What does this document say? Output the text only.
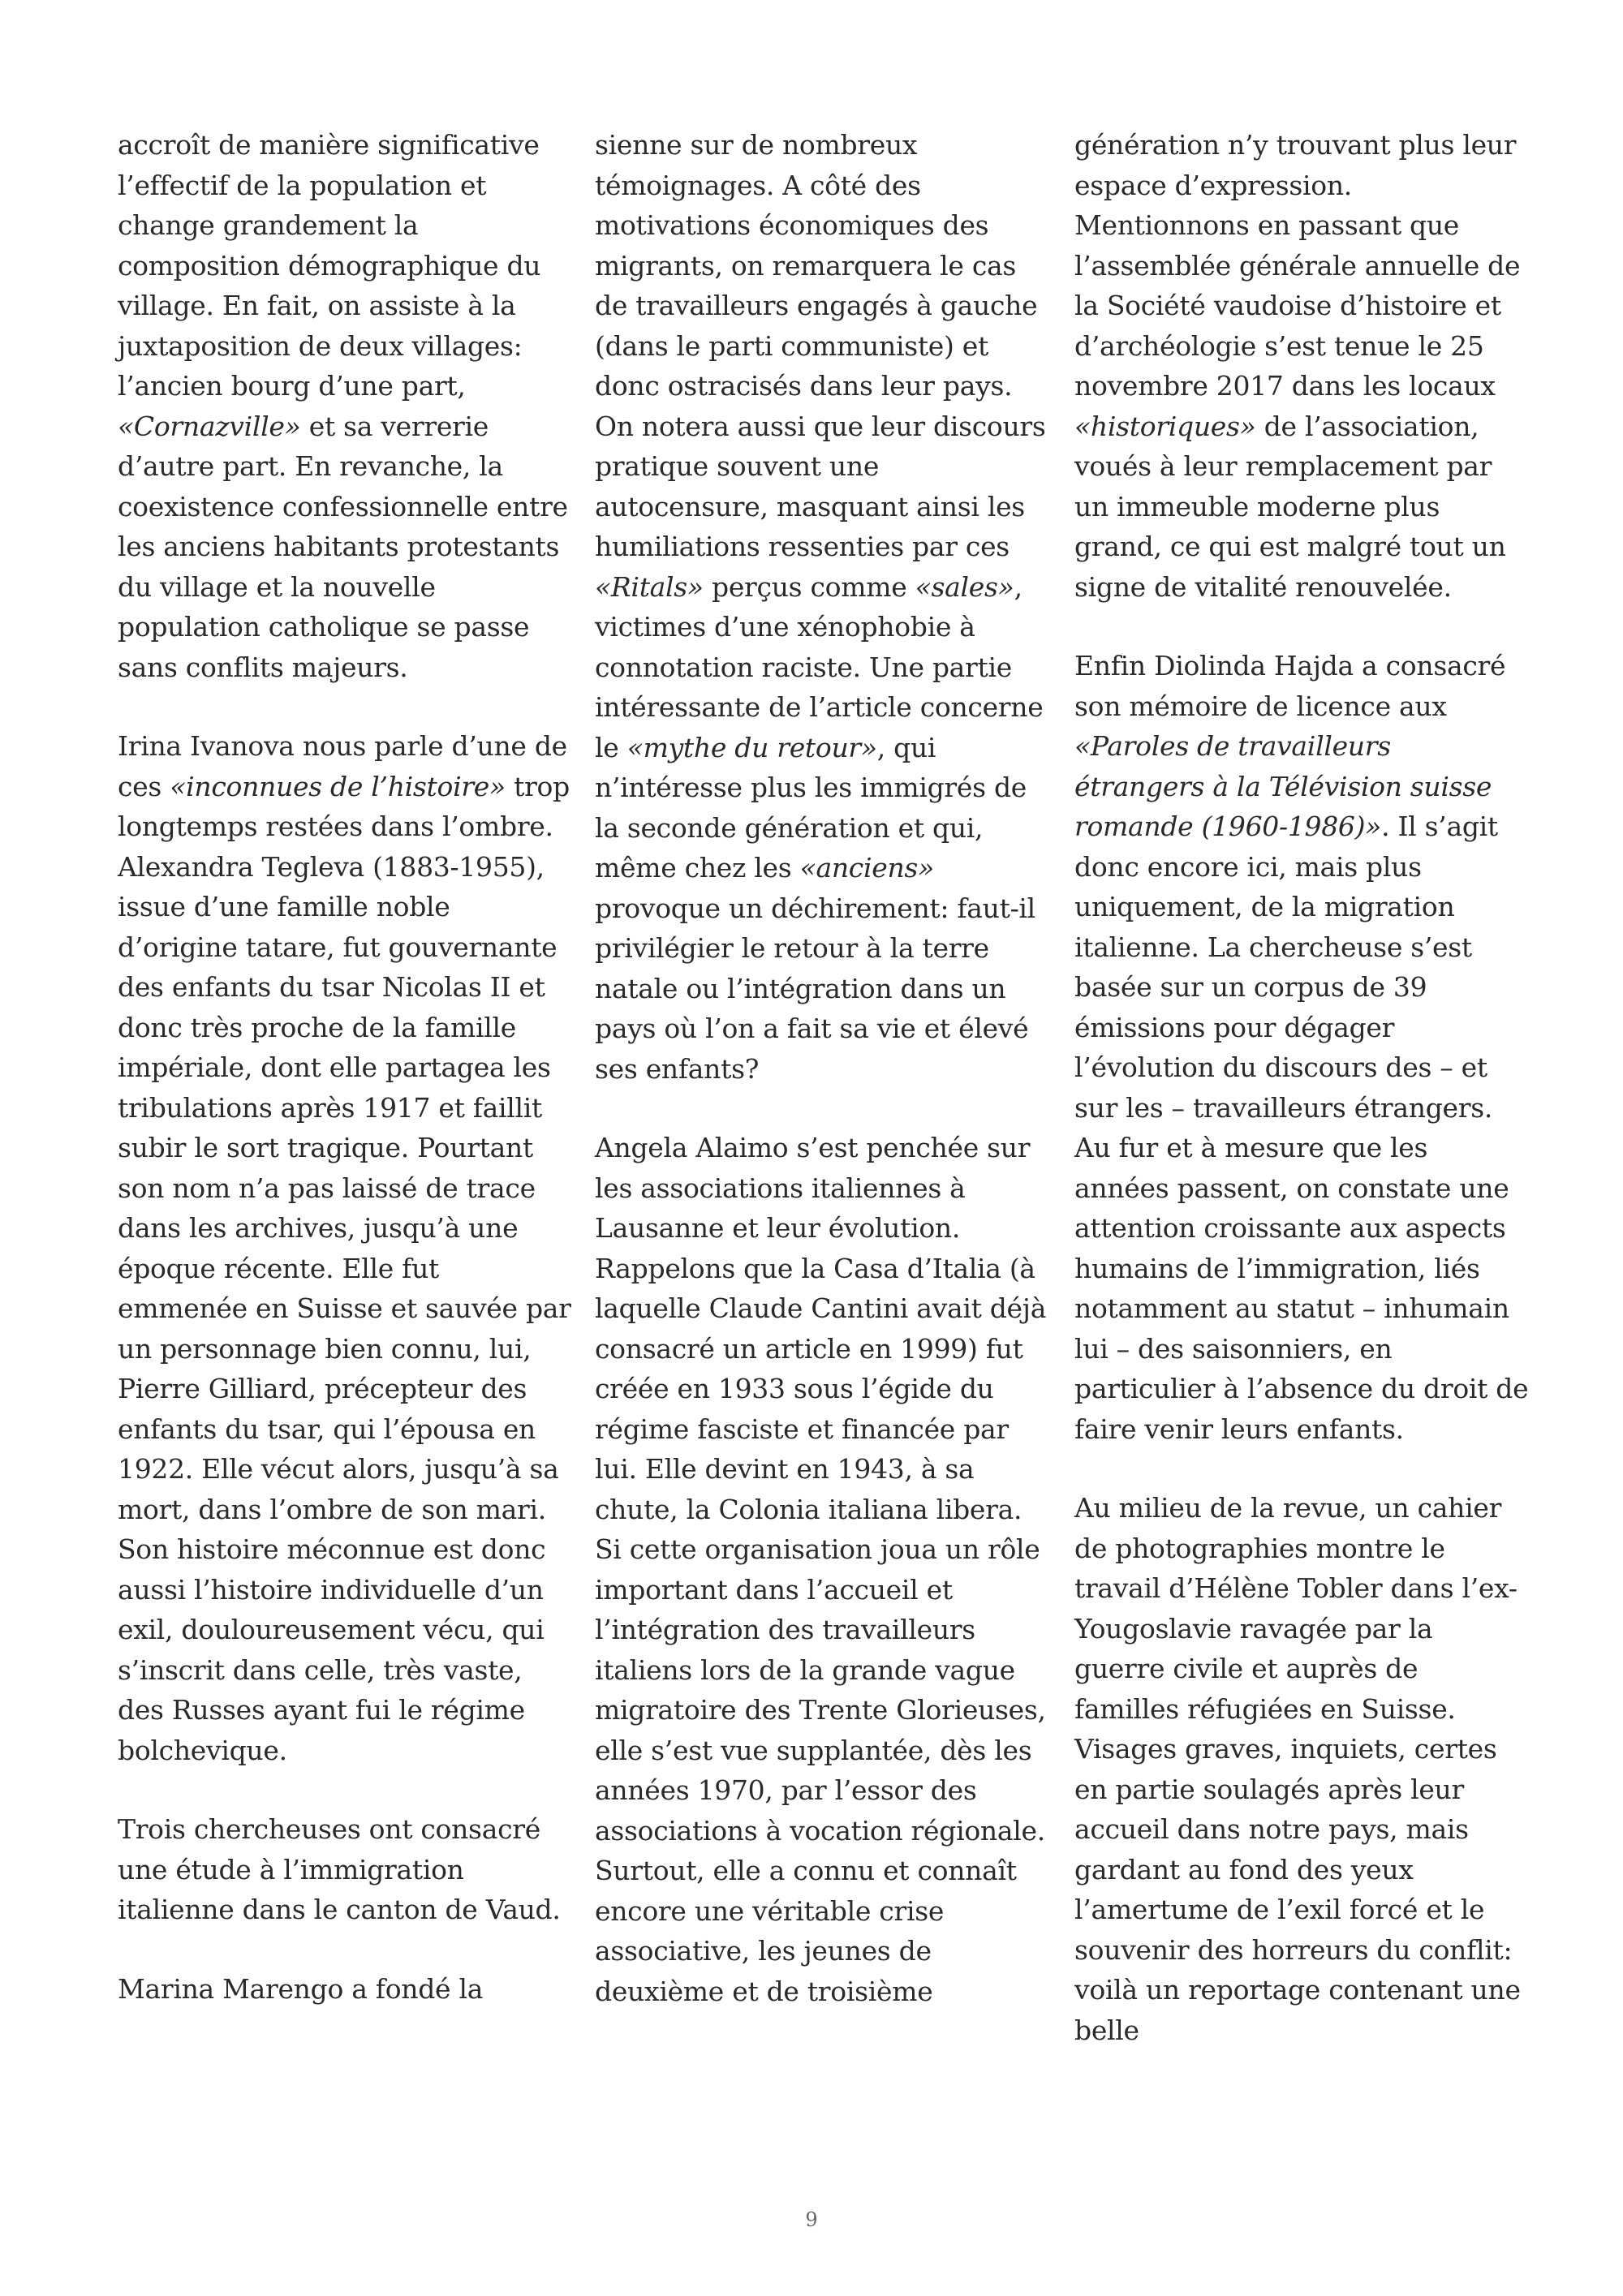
accroît de manière significative l’effectif de la population et change grandement la composition démographique du village. En fait, on assiste à la juxtaposition de deux villages: l’ancien bourg d’une part, «Cornazville» et sa verrerie d’autre part. En revanche, la coexistence confessionnelle entre les anciens habitants protestants du village et la nouvelle population catholique se passe sans conflits majeurs.

Irina Ivanova nous parle d’une de ces «inconnues de l’histoire» trop longtemps restées dans l’ombre. Alexandra Tegleva (1883-1955), issue d’une famille noble d’origine tatare, fut gouvernante des enfants du tsar Nicolas II et donc très proche de la famille impériale, dont elle partagea les tribulations après 1917 et faillit subir le sort tragique. Pourtant son nom n’a pas laissé de trace dans les archives, jusqu’à une époque récente. Elle fut emmenée en Suisse et sauvée par un personnage bien connu, lui, Pierre Gilliard, précepteur des enfants du tsar, qui l’épousa en 1922. Elle vécut alors, jusqu’à sa mort, dans l’ombre de son mari. Son histoire méconnue est donc aussi l’histoire individuelle d’un exil, douloureusement vécu, qui s’inscrit dans celle, très vaste, des Russes ayant fui le régime bolchevique.

Trois chercheuses ont consacré une étude à l’immigration italienne dans le canton de Vaud.

Marina Marengo a fondé la

sienne sur de nombreux témoignages. A côté des motivations économiques des migrants, on remarquera le cas de travailleurs engagés à gauche (dans le parti communiste) et donc ostracisés dans leur pays. On notera aussi que leur discours pratique souvent une autocensure, masquant ainsi les humiliations ressenties par ces «Ritals» perçus comme «sales», victimes d’une xénophobie à connotation raciste. Une partie intéressante de l’article concerne le «mythe du retour», qui n’intéresse plus les immigrés de la seconde génération et qui, même chez les «anciens» provoque un déchirement: faut-il privilégier le retour à la terre natale ou l’intégration dans un pays où l’on a fait sa vie et élevé ses enfants?

Angela Alaimo s’est penchée sur les associations italiennes à Lausanne et leur évolution. Rappelons que la Casa d’Italia (à laquelle Claude Cantini avait déjà consacré un article en 1999) fut créée en 1933 sous l’égide du régime fasciste et financée par lui. Elle devint en 1943, à sa chute, la Colonia italiana libera. Si cette organisation joua un rôle important dans l’accueil et l’intégration des travailleurs italiens lors de la grande vague migratoire des Trente Glorieuses, elle s’est vue supplantée, dès les années 1970, par l’essor des associations à vocation régionale. Surtout, elle a connu et connaît encore une véritable crise associative, les jeunes de deuxième et de troisième

génération n’y trouvant plus leur espace d’expression. Mentionnons en passant que l’assemblée générale annuelle de la Société vaudoise d’histoire et d’archéologie s’est tenue le 25 novembre 2017 dans les locaux «historiques» de l’association, voués à leur remplacement par un immeuble moderne plus grand, ce qui est malgré tout un signe de vitalité renouvelée.

Enfin Diolinda Hajda a consacré son mémoire de licence aux «Paroles de travailleurs étrangers à la Télévision suisse romande (1960-1986)». Il s’agit donc encore ici, mais plus uniquement, de la migration italienne. La chercheuse s’est basée sur un corpus de 39 émissions pour dégager l’évolution du discours des – et sur les – travailleurs étrangers. Au fur et à mesure que les années passent, on constate une attention croissante aux aspects humains de l’immigration, liés notamment au statut – inhumain lui – des saisonniers, en particulier à l’absence du droit de faire venir leurs enfants.

Au milieu de la revue, un cahier de photographies montre le travail d’Hélène Tobler dans l’ex-Yougoslavie ravagée par la guerre civile et auprès de familles réfugiées en Suisse. Visages graves, inquiets, certes en partie soulagés après leur accueil dans notre pays, mais gardant au fond des yeux l’amertume de l’exil forcé et le souvenir des horreurs du conflit: voilà un reportage contenant une belle

9
